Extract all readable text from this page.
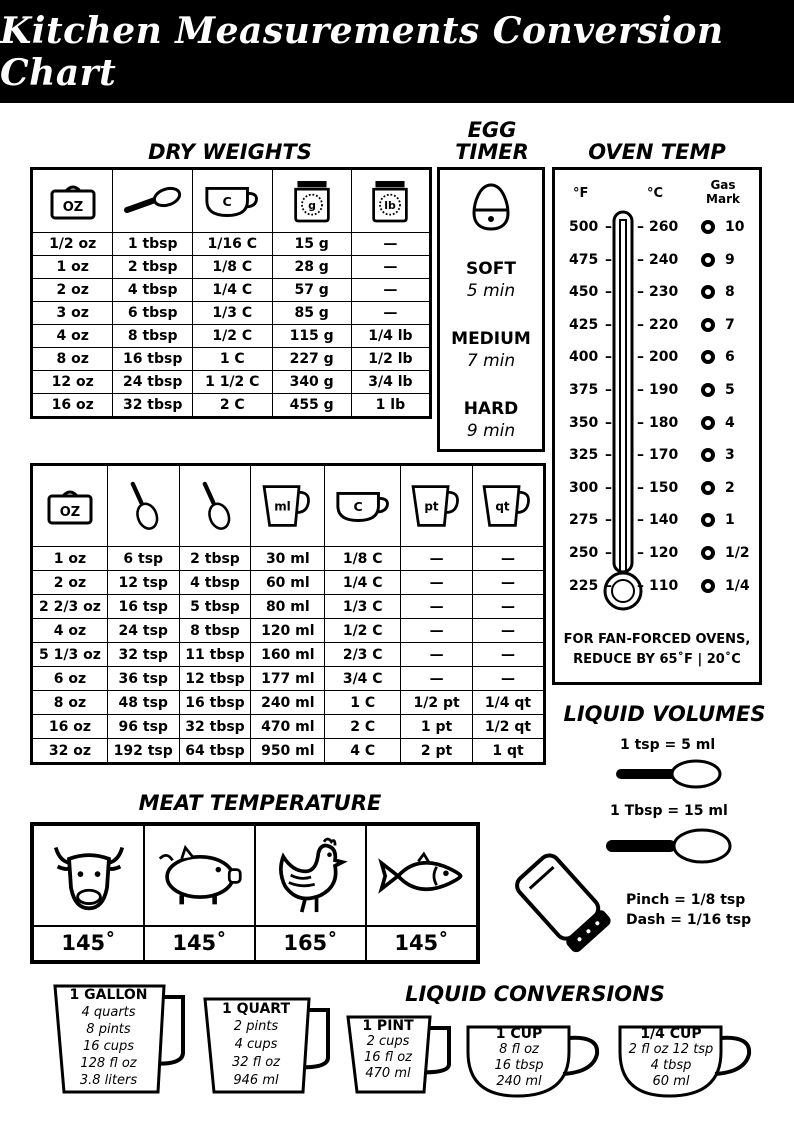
Kitchen Measurements Conversion Chart
DRY WEIGHTS
OZ		C	g	lb

1/2 oz	1 tbsp	1/16 C	15 g	—
1 oz	2 tbsp	1/8 C	28 g	—
2 oz	4 tbsp	1/4 C	57 g	—
3 oz	6 tbsp	1/3 C	85 g	—
4 oz	8 tbsp	1/2 C	115 g	1/4 lb
8 oz	16 tbsp	1 C	227 g	1/2 lb
12 oz	24 tbsp	1 1/2 C	340 g	3/4 lb
16 oz	32 tbsp	2 C	455 g	1 lb
EGG
TIMER
SOFT
5 min
MEDIUM
7 min
HARD
9 min
OVEN TEMP
°F	°C
Gas Mark
500 – – 260	10
475 – – 240	9
450 – – 230	8
425 – – 220	7
400 – – 200	6
375 – – 190	5
350 – – 180	4
325 – – 170	3
300 – – 150	2
275 – – 140	1
250 – – 120	1/2
225 – – 110	1/4
FOR FAN-FORCED OVENS,
REDUCE BY 65˚F | 20˚C
OZ			ml	C	pt	qt

1 oz	6 tsp	2 tbsp	30 ml	1/8 C	—	—
2 oz	12 tsp	4 tbsp	60 ml	1/4 C	—	—
2 2/3 oz	16 tsp	5 tbsp	80 ml	1/3 C	—	—
4 oz	24 tsp	8 tbsp	120 ml	1/2 C	—	—
5 1/3 oz	32 tsp	11 tbsp	160 ml	2/3 C	—	—
6 oz	36 tsp	12 tbsp	177 ml	3/4 C	—	—
8 oz	48 tsp	16 tbsp	240 ml	1 C	1/2 pt	1/4 qt
16 oz	96 tsp	32 tbsp	470 ml	2 C	1 pt	1/2 qt
32 oz	192 tsp	64 tbsp	950 ml	4 C	2 pt	1 qt
MEAT TEMPERATURE
145˚	145˚	165˚	145˚
LIQUID VOLUMES
1 tsp = 5 ml
1 Tbsp = 15 ml
Pinch = 1/8 tsp
Dash = 1/16 tsp
LIQUID CONVERSIONS
1 GALLON
4 quarts
8 pints
16 cups
128 fl oz
3.8 liters
1 QUART
2 pints
4 cups
32 fl oz
946 ml
1 PINT
2 cups
16 fl oz
470 ml
1 CUP
8 fl oz
16 tbsp
240 ml
1/4 CUP
2 fl oz 12 tsp
4 tbsp
60 ml
